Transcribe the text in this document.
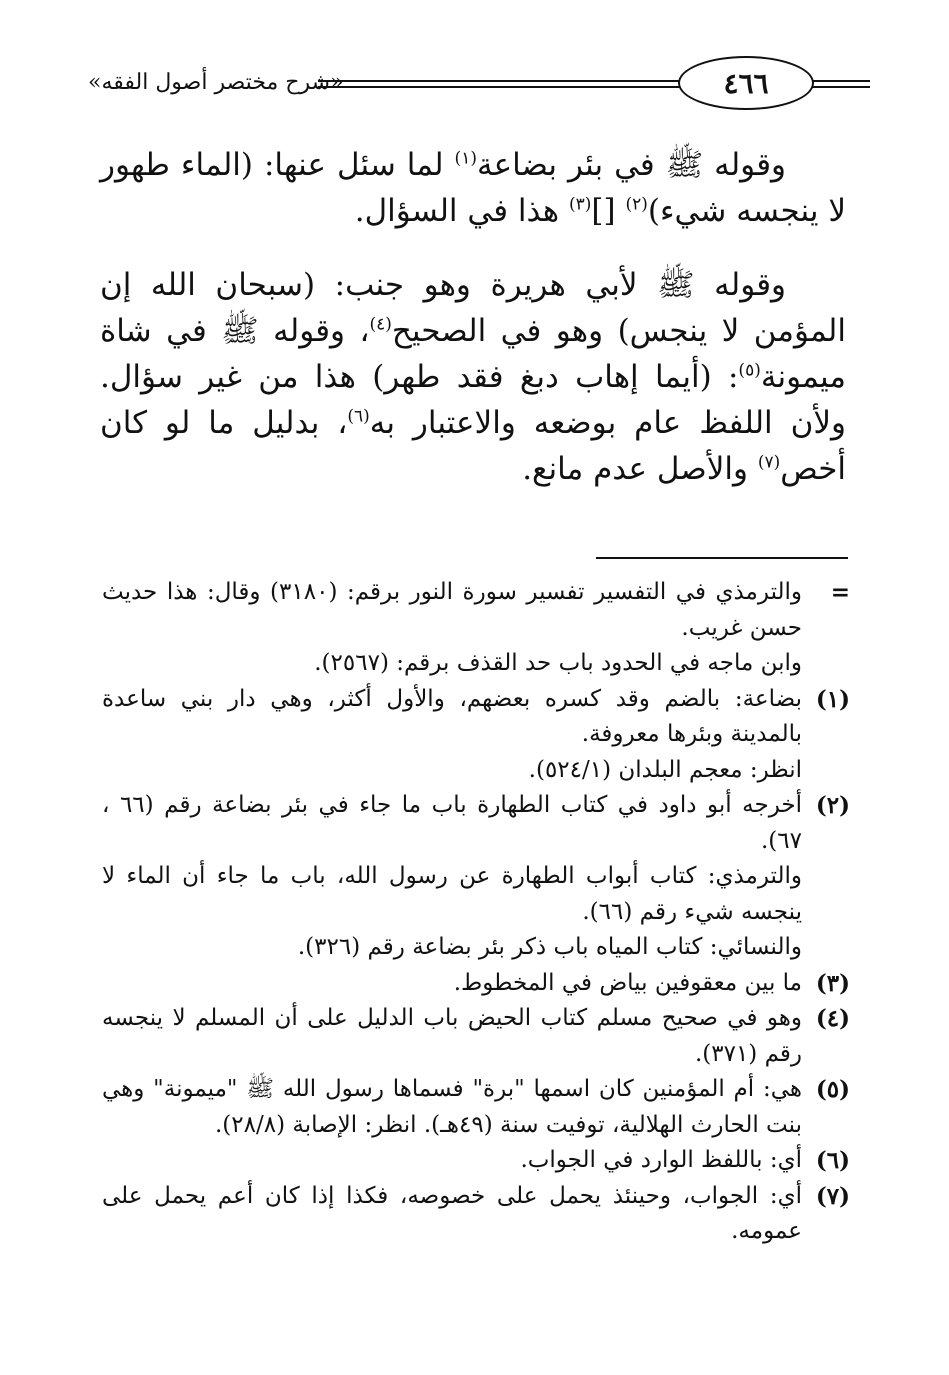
«شرح مختصر أصول الفقه»	٤٦٦

وقوله ﷺ في بئر بضاعة$^{(١)}$ لما سئل عنها: (الماء طهور لا ينجسه شيء)$^{(٢)}$ []$^{(٣)}$ هذا في السؤال.

وقوله ﷺ لأبي هريرة وهو جنب: (سبحان الله إن المؤمن لا ينجس) وهو في الصحيح$^{(٤)}$، وقوله ﷺ في شاة ميمونة$^{(٥)}$: (أيما إهاب دبغ فقد طهر) هذا من غير سؤال. ولأن اللفظ عام بوضعه والاعتبار به$^{(٦)}$، بدليل ما لو كان أخص$^{(٧)}$ والأصل عدم مانع.

=

والترمذي في التفسير تفسير سورة النور برقم: (٣١٨٠) وقال: هذا حديث حسن غريب.

وابن ماجه في الحدود باب حد القذف برقم: (٢٥٦٧).

(١)

بضاعة: بالضم وقد كسره بعضهم، والأول أكثر، وهي دار بني ساعدة بالمدينة وبئرها معروفة.

انظر: معجم البلدان (٥٢٤/١).

(٢)

أخرجه أبو داود في كتاب الطهارة باب ما جاء في بئر بضاعة رقم (٦٦ ، ٦٧).

والترمذي: كتاب أبواب الطهارة عن رسول الله، باب ما جاء أن الماء لا ينجسه شيء رقم (٦٦).

والنسائي: كتاب المياه باب ذكر بئر بضاعة رقم (٣٢٦).

(٣)

ما بين معقوفين بياض في المخطوط.

(٤)

وهو في صحيح مسلم كتاب الحيض باب الدليل على أن المسلم لا ينجسه رقم (٣٧١).

(٥)

هي: أم المؤمنين كان اسمها "برة" فسماها رسول الله ﷺ "ميمونة" وهي بنت الحارث الهلالية، توفيت سنة (٤٩هـ). انظر: الإصابة (٢٨/٨).

(٦)

أي: باللفظ الوارد في الجواب.

(٧)

أي: الجواب، وحينئذ يحمل على خصوصه، فكذا إذا كان أعم يحمل على عمومه.
